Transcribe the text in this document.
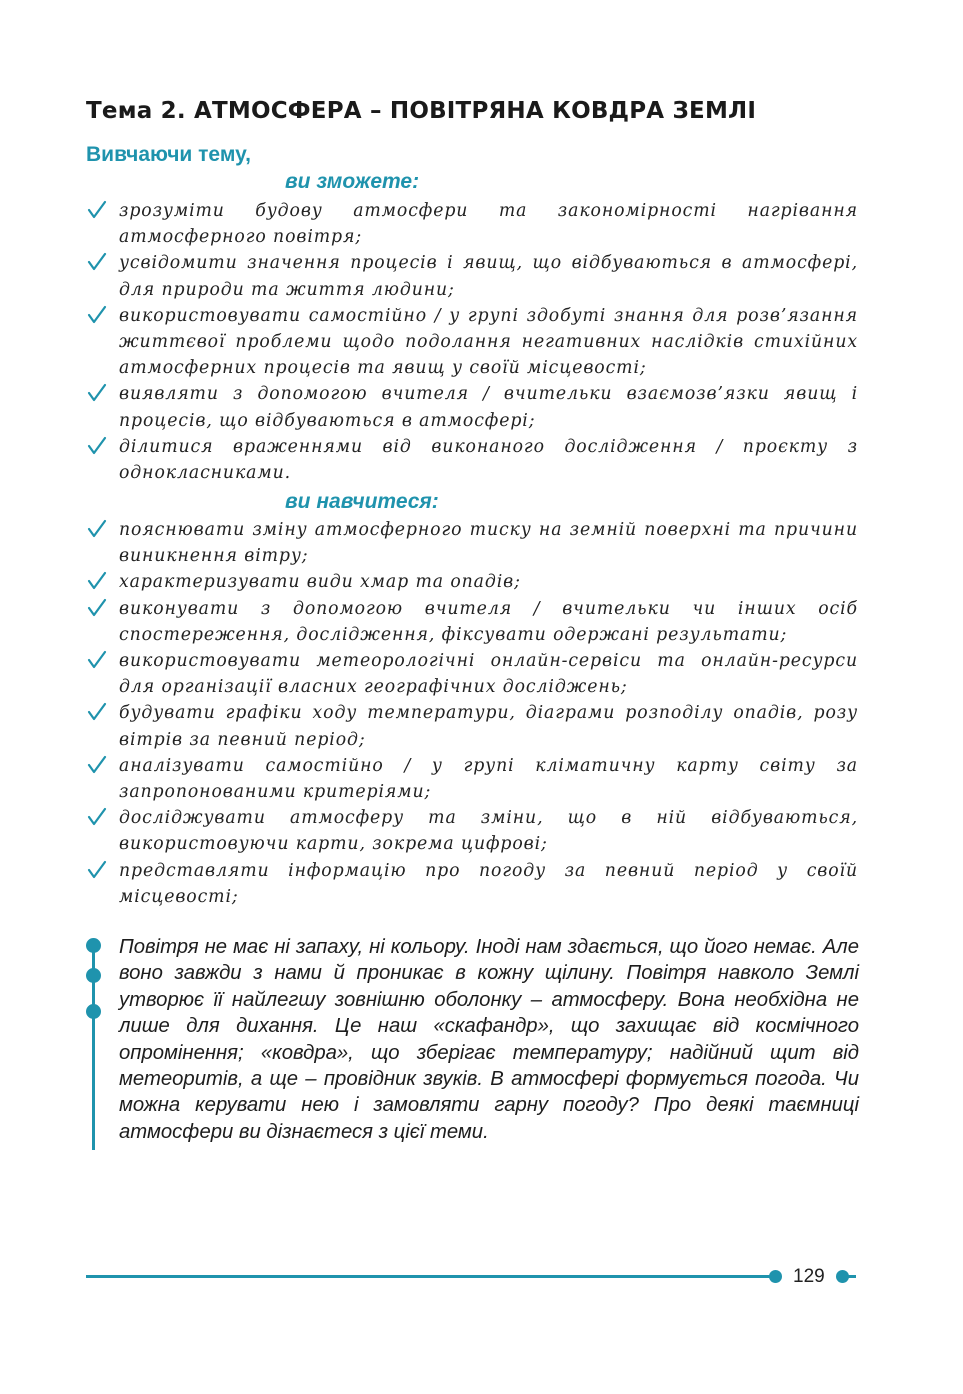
Тема 2. АТМОСФЕРА – ПОВІТРЯНА КОВДРА ЗЕМЛІ
Вивчаючи тему,
ви зможете:
зрозуміти будову атмосфери та закономірності нагрівання атмосферного повітря;
усвідомити значення процесів і явищ, що відбуваються в атмосфері, для природи та життя людини;
використовувати самостійно / у групі здобуті знання для розв’язання життєвої проблеми щодо подолання негативних наслідків стихійних атмосферних процесів та явищ у своїй місцевості;
виявляти з допомогою вчителя / вчительки взаємозв’язки явищ і процесів, що відбуваються в атмосфері;
ділитися враженнями від виконаного дослідження / проєкту з однокласниками.
ви навчитеся:
пояснювати зміну атмосферного тиску на земній поверхні та причини виникнення вітру;
характеризувати види хмар та опадів;
виконувати з допомогою вчителя / вчительки чи інших осіб спостереження, дослідження, фіксувати одержані результати;
використовувати метеорологічні онлайн-сервіси та онлайн-ресурси для організації власних географічних досліджень;
будувати графіки ходу температури, діаграми розподілу опадів, розу вітрів за певний період;
аналізувати самостійно / у групі кліматичну карту світу за запропонованими критеріями;
досліджувати атмосферу та зміни, що в ній відбуваються, використовуючи карти, зокрема цифрові;
представляти інформацію про погоду за певний період у своїй місцевості;

Повітря не має ні запаху, ні кольору. Іноді нам здається, що його немає. Але воно завжди з нами й проникає в кожну щілину. Повітря навколо Землі утворює її найлегшу зовнішню оболонку – атмосферу. Вона необхідна не лише для дихання. Це наш «скафандр», що захищає від космічного опромінення; «ковдра», що зберігає температуру; надійний щит від метеоритів, а ще – провідник звуків. В атмосфері формується погода. Чи можна керувати нею і замовляти гарну погоду? Про деякі таємниці атмосфери ви дізнаєтеся з цієї теми.

129
